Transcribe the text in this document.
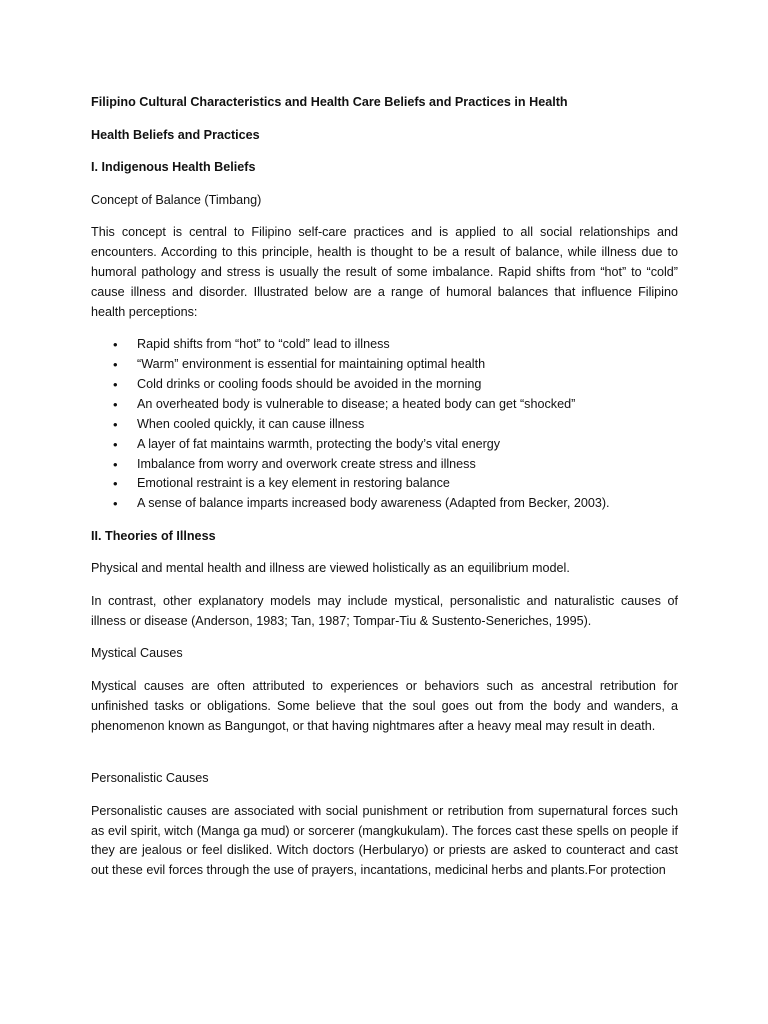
Filipino Cultural Characteristics and Health Care Beliefs and Practices in Health

Health Beliefs and Practices

I. Indigenous Health Beliefs

Concept of Balance (Timbang)

This concept is central to Filipino self-care practices and is applied to all social relationships and encounters. According to this principle, health is thought to be a result of balance, while illness due to humoral pathology and stress is usually the result of some imbalance. Rapid shifts from “hot” to “cold” cause illness and disorder. Illustrated below are a range of humoral balances that influence Filipino health perceptions:

• Rapid shifts from “hot” to “cold” lead to illness
• “Warm” environment is essential for maintaining optimal health
• Cold drinks or cooling foods should be avoided in the morning
• An overheated body is vulnerable to disease; a heated body can get “shocked”
• When cooled quickly, it can cause illness
• A layer of fat maintains warmth, protecting the body’s vital energy
• Imbalance from worry and overwork create stress and illness
• Emotional restraint is a key element in restoring balance
• A sense of balance imparts increased body awareness (Adapted from Becker, 2003).

II. Theories of Illness

Physical and mental health and illness are viewed holistically as an equilibrium model.

In contrast, other explanatory models may include mystical, personalistic and naturalistic causes of illness or disease (Anderson, 1983; Tan, 1987; Tompar-Tiu & Sustento-Seneriches, 1995).

Mystical Causes

Mystical causes are often attributed to experiences or behaviors such as ancestral retribution for unfinished tasks or obligations. Some believe that the soul goes out from the body and wanders, a phenomenon known as Bangungot, or that having nightmares after a heavy meal may result in death.

Personalistic Causes

Personalistic causes are associated with social punishment or retribution from supernatural forces such as evil spirit, witch (Manga ga mud) or sorcerer (mangkukulam). The forces cast these spells on people if they are jealous or feel disliked. Witch doctors (Herbularyo) or priests are asked to counteract and cast out these evil forces through the use of prayers, incantations, medicinal herbs and plants.For protection
